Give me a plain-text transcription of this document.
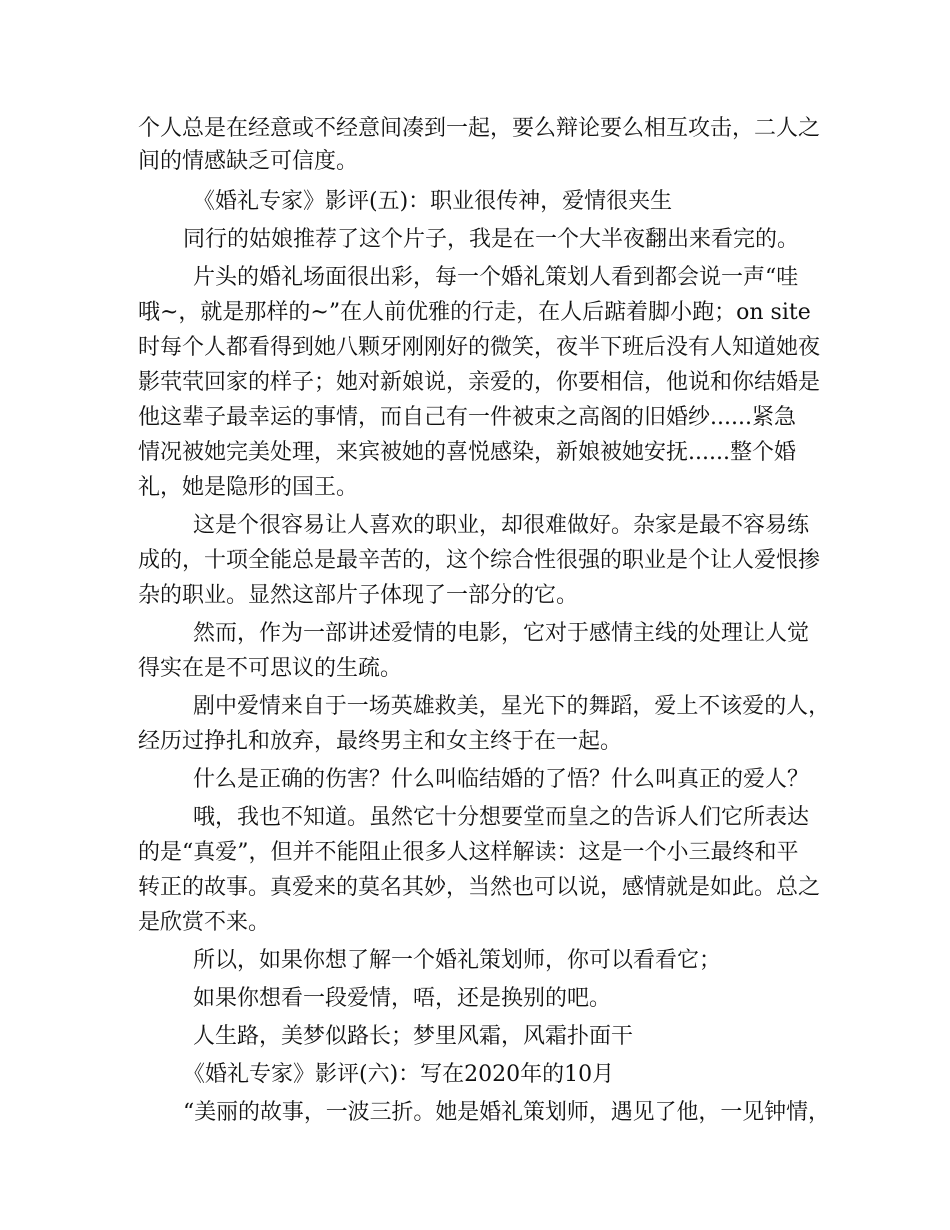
个人总是在经意或不经意间凑到一起，要么辩论要么相互攻击，二人之
间的情感缺乏可信度。
《婚礼专家》影评(五)：职业很传神，爱情很夹生
同行的姑娘推荐了这个片子，我是在一个大半夜翻出来看完的。
片头的婚礼场面很出彩，每一个婚礼策划人看到都会说一声“哇
哦~，就是那样的~”在人前优雅的行走，在人后踮着脚小跑；on site
时每个人都看得到她八颗牙刚刚好的微笑，夜半下班后没有人知道她夜
影茕茕回家的样子；她对新娘说，亲爱的，你要相信，他说和你结婚是
他这辈子最幸运的事情，而自己有一件被束之高阁的旧婚纱......紧急
情况被她完美处理，来宾被她的喜悦感染，新娘被她安抚......整个婚
礼，她是隐形的国王。
这是个很容易让人喜欢的职业，却很难做好。杂家是最不容易练
成的，十项全能总是最辛苦的，这个综合性很强的职业是个让人爱恨掺
杂的职业。显然这部片子体现了一部分的它。
然而，作为一部讲述爱情的电影，它对于感情主线的处理让人觉
得实在是不可思议的生疏。
剧中爱情来自于一场英雄救美，星光下的舞蹈，爱上不该爱的人，
经历过挣扎和放弃，最终男主和女主终于在一起。
什么是正确的伤害？什么叫临结婚的了悟？什么叫真正的爱人？
哦，我也不知道。虽然它十分想要堂而皇之的告诉人们它所表达
的是“真爱”，但并不能阻止很多人这样解读：这是一个小三最终和平
转正的故事。真爱来的莫名其妙，当然也可以说，感情就是如此。总之
是欣赏不来。
所以，如果你想了解一个婚礼策划师，你可以看看它；
如果你想看一段爱情，唔，还是换别的吧。
人生路，美梦似路长；梦里风霜，风霜扑面干
《婚礼专家》影评(六)：写在2020年的10月
“美丽的故事，一波三折。她是婚礼策划师，遇见了他，一见钟情，
